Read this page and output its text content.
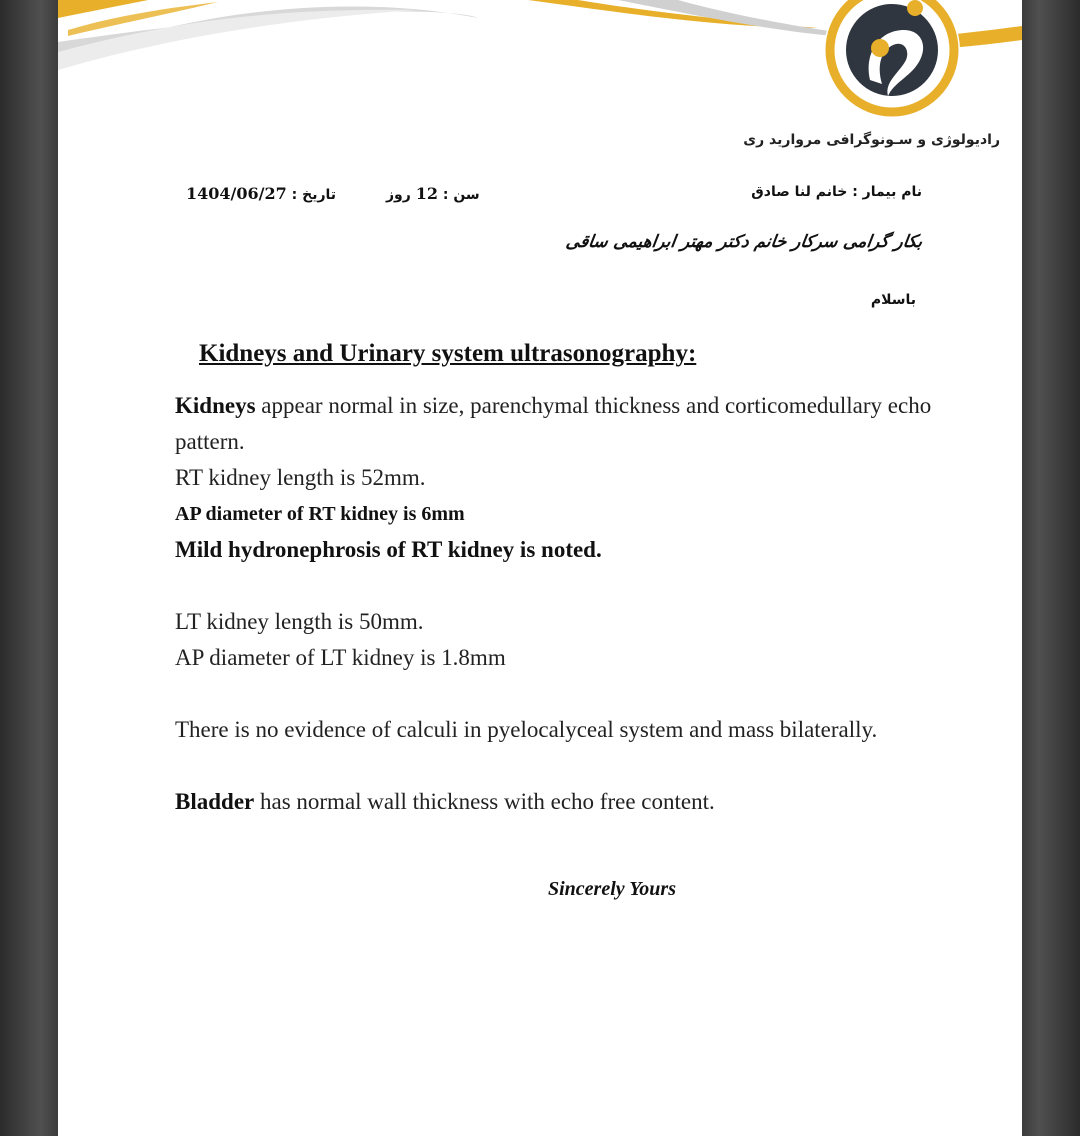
رادیولوژی و سـونوگرافی مروارید ری
نام بیمار : خانم لنا صادق
سن : 12 روز
تاریخ : 1404/06/27
بکار گرامی سرکار خانم دکتر مهتر ابراهیمی ساقی
باسلام
Kidneys and Urinary system ultrasonography:

Kidneys appear normal in size, parenchymal thickness and corticomedullary echo pattern.

RT kidney length is 52mm.

AP diameter of RT kidney is 6mm

Mild hydronephrosis of RT kidney is noted.

LT kidney length is 50mm.

AP diameter of LT kidney is 1.8mm

There is no evidence of calculi in pyelocalyceal system and mass bilaterally.

Bladder has normal wall thickness with echo free content.

Sincerely Yours
